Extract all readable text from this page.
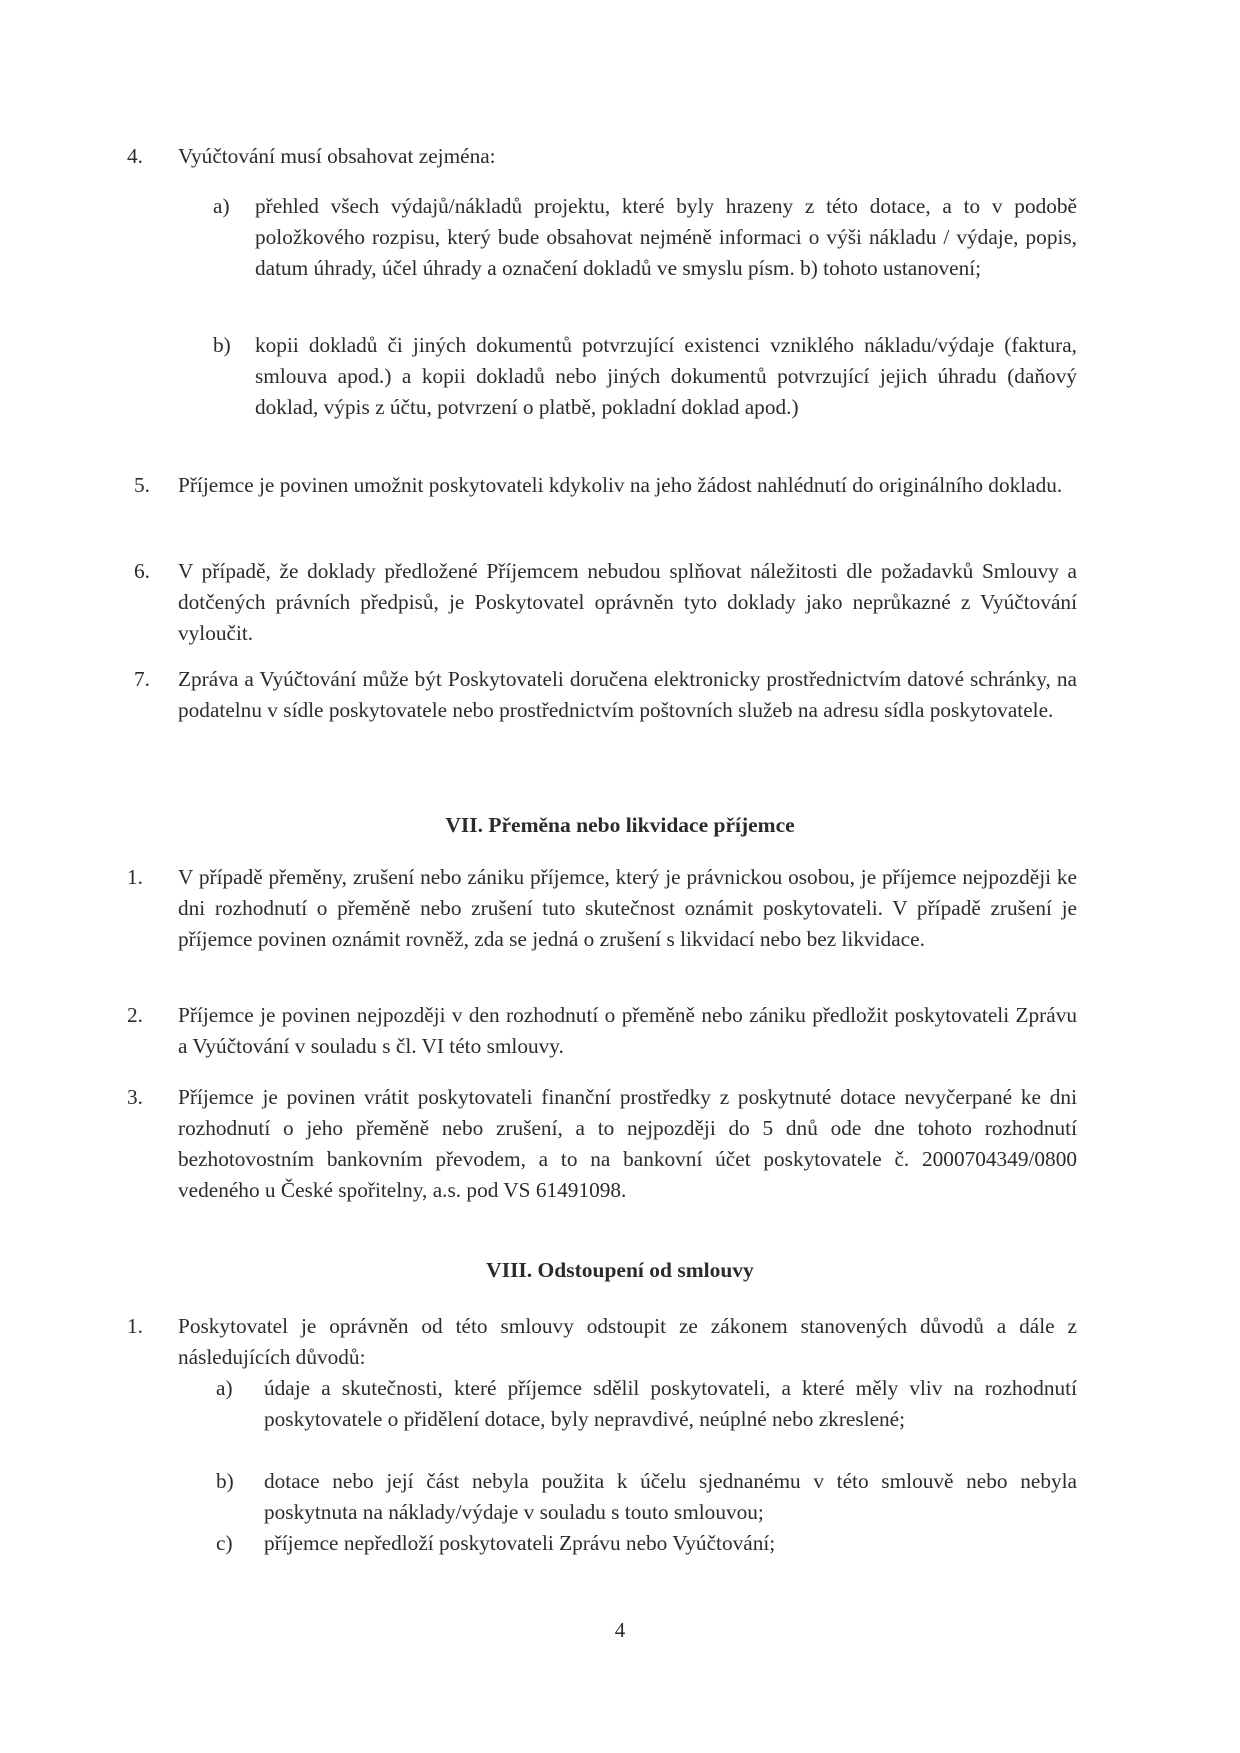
4. Vyúčtování musí obsahovat zejména:
a) přehled všech výdajů/nákladů projektu, které byly hrazeny z této dotace, a to v podobě položkového rozpisu, který bude obsahovat nejméně informaci o výši nákladu / výdaje, popis, datum úhrady, účel úhrady a označení dokladů ve smyslu písm. b) tohoto ustanovení;
b) kopii dokladů či jiných dokumentů potvrzující existenci vzniklého nákladu/výdaje (faktura, smlouva apod.) a kopii dokladů nebo jiných dokumentů potvrzující jejich úhradu (daňový doklad, výpis z účtu, potvrzení o platbě, pokladní doklad apod.)
5. Příjemce je povinen umožnit poskytovateli kdykoliv na jeho žádost nahlédnutí do originálního dokladu.
6. V případě, že doklady předložené Příjemcem nebudou splňovat náležitosti dle požadavků Smlouvy a dotčených právních předpisů, je Poskytovatel oprávněn tyto doklady jako neprůkazné z Vyúčtování vyloučit.
7. Zpráva a Vyúčtování může být Poskytovateli doručena elektronicky prostřednictvím datové schránky, na podatelnu v sídle poskytovatele nebo prostřednictvím poštovních služeb na adresu sídla poskytovatele.
VII. Přeměna nebo likvidace příjemce
1. V případě přeměny, zrušení nebo zániku příjemce, který je právnickou osobou, je příjemce nejpozději ke dni rozhodnutí o přeměně nebo zrušení tuto skutečnost oznámit poskytovateli. V případě zrušení je příjemce povinen oznámit rovněž, zda se jedná o zrušení s likvidací nebo bez likvidace.
2. Příjemce je povinen nejpozději v den rozhodnutí o přeměně nebo zániku předložit poskytovateli Zprávu a Vyúčtování v souladu s čl. VI této smlouvy.
3. Příjemce je povinen vrátit poskytovateli finanční prostředky z poskytnuté dotace nevyčerpané ke dni rozhodnutí o jeho přeměně nebo zrušení, a to nejpozději do 5 dnů ode dne tohoto rozhodnutí bezhotovostním bankovním převodem, a to na bankovní účet poskytovatele č. 2000704349/0800 vedeného u České spořitelny, a.s. pod VS 61491098.
VIII. Odstoupení od smlouvy
1. Poskytovatel je oprávněn od této smlouvy odstoupit ze zákonem stanovených důvodů a dále z následujících důvodů:
a) údaje a skutečnosti, které příjemce sdělil poskytovateli, a které měly vliv na rozhodnutí poskytovatele o přidělení dotace, byly nepravdivé, neúplné nebo zkreslené;
b) dotace nebo její část nebyla použita k účelu sjednanému v této smlouvě nebo nebyla poskytnuta na náklady/výdaje v souladu s touto smlouvou;
c) příjemce nepředloží poskytovateli Zprávu nebo Vyúčtování;
4
